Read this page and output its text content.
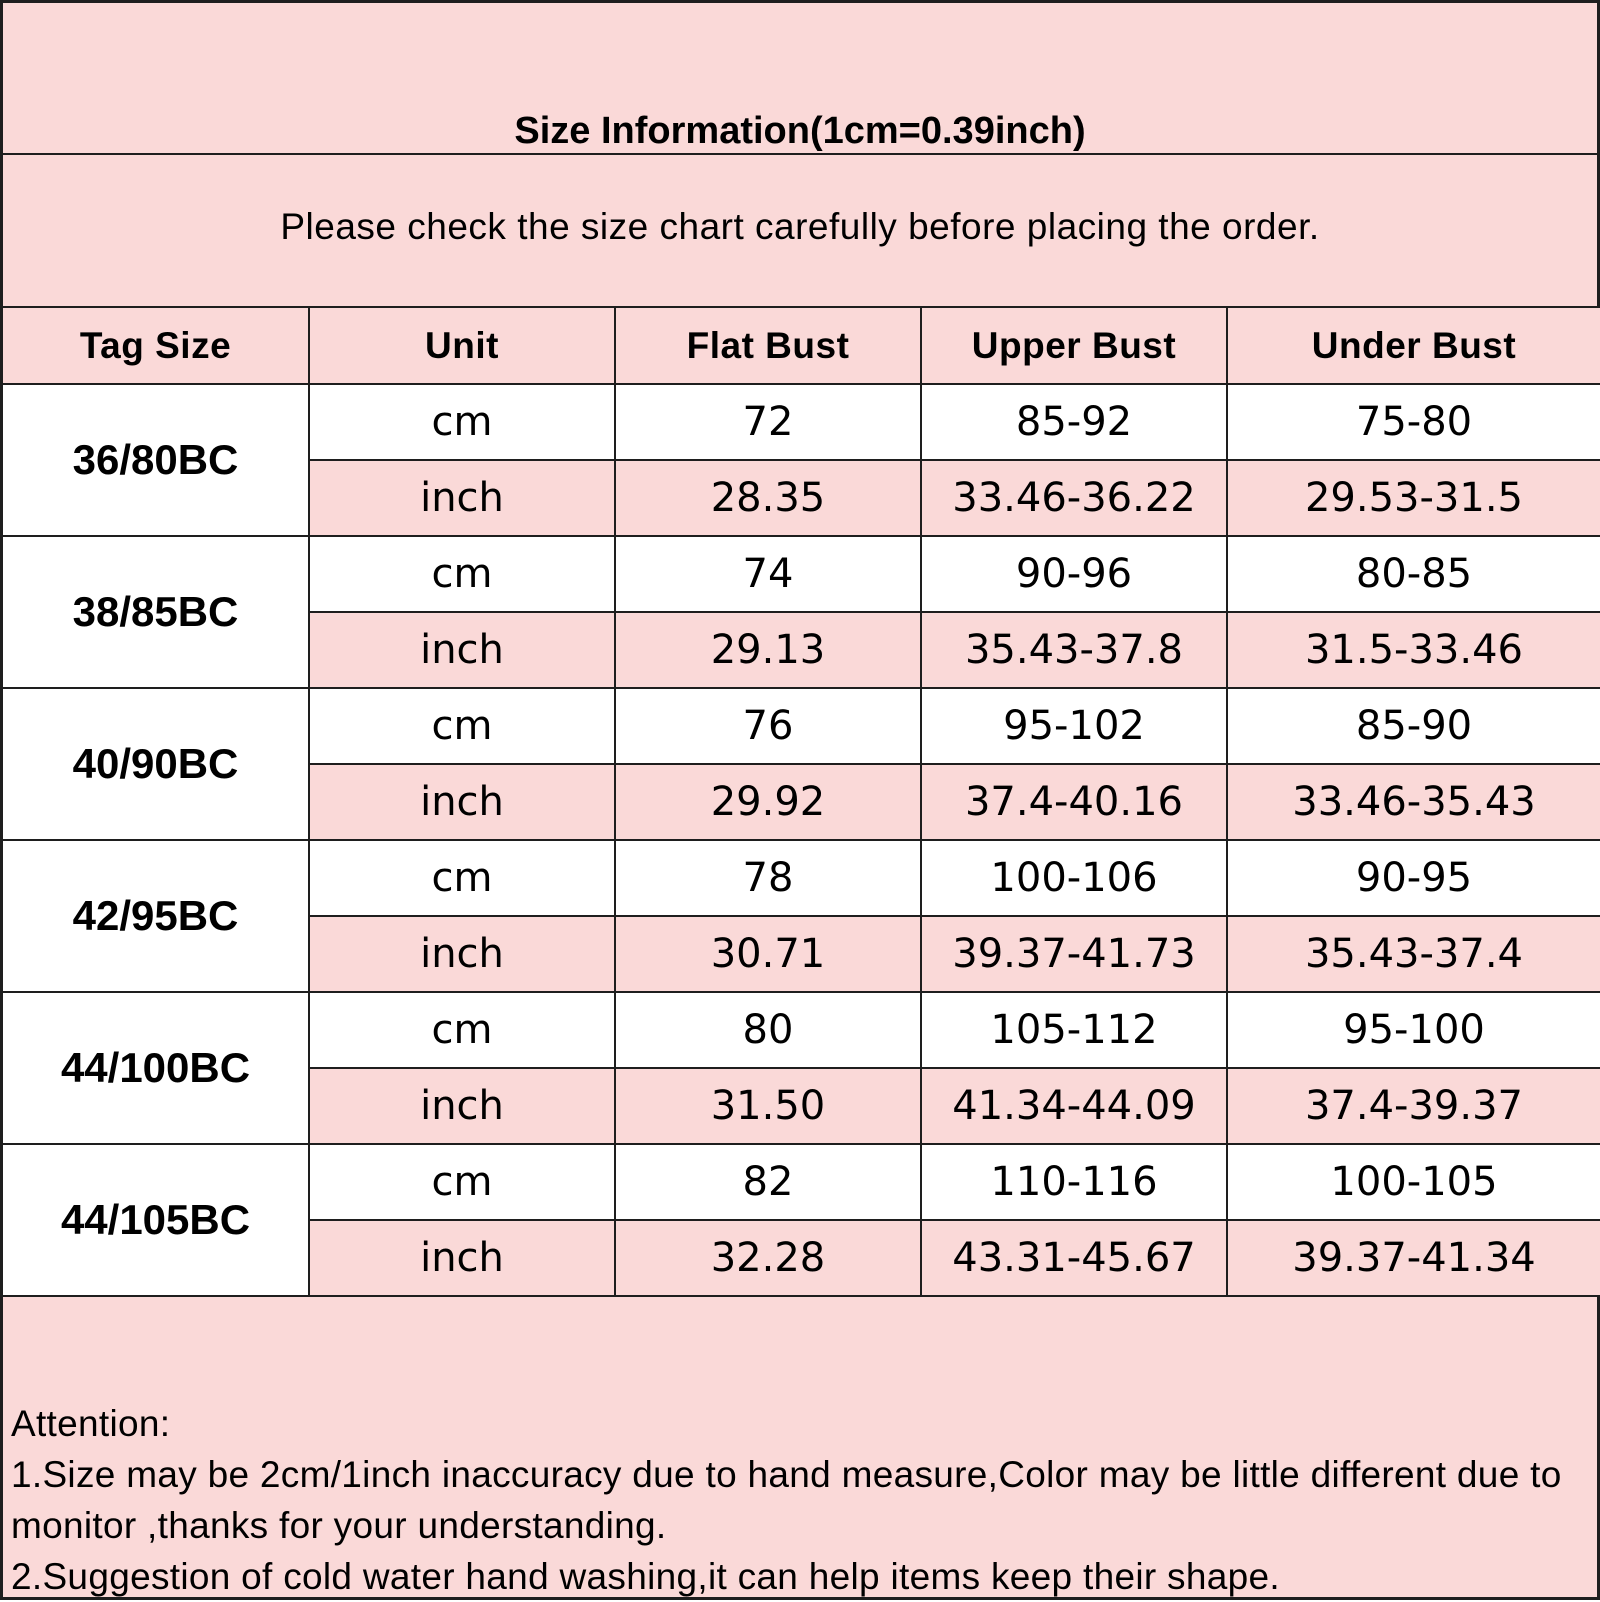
Size Information(1cm=0.39inch)
Please check the size chart carefully before placing the order.
Tag Size	Unit	Flat Bust	Upper Bust	Under Bust
36/80BC	cm	72	85-92	75-80
	inch	28.35	33.46-36.22	29.53-31.5
38/85BC	cm	74	90-96	80-85
	inch	29.13	35.43-37.8	31.5-33.46
40/90BC	cm	76	95-102	85-90
	inch	29.92	37.4-40.16	33.46-35.43
42/95BC	cm	78	100-106	90-95
	inch	30.71	39.37-41.73	35.43-37.4
44/100BC	cm	80	105-112	95-100
	inch	31.50	41.34-44.09	37.4-39.37
44/105BC	cm	82	110-116	100-105
	inch	32.28	43.31-45.67	39.37-41.34
Attention:
1.Size may be 2cm/1inch inaccuracy due to hand measure,Color may be little different due to monitor ,thanks for your understanding.
2.Suggestion of cold water hand washing,it can help items keep their shape.
